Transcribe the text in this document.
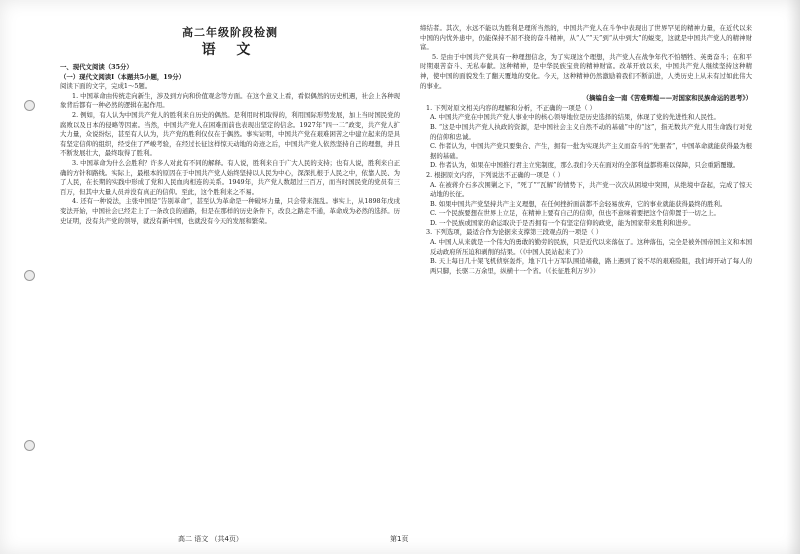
高二年级阶段检测
语 文

一、现代文阅读（35分）

（一）现代文阅读Ⅰ（本题共5小题，19分）

阅读下面的文字，完成1～5题。

1. 中国革命由传统走向新生，涉及到方向和价值观念等方面。在这个意义上看，看似偶然的历史机遇，社会上各种现象背后都有一种必然的逻辑在起作用。

2. 例如，有人认为中国共产党人的胜利来自历史的偶然。是利用时机取得的，利用国际形势发展，加上当时国民党的腐败以及日本的侵略等因素。当然，中国共产党人在困难面前也表现出坚定的信念。1927年“四一二”政变，共产党人扩大力量，众说纷纭，甚至有人认为，共产党的胜利仅仅在于偶然。事实证明，中国共产党在艰难困苦之中建立起来的是具有坚定信仰的组织，经受住了严峻考验，在经过长征这样惊天动地的奇迹之后，中国共产党人依然坚持自己的理想，并且不断发展壮大，最终取得了胜利。

3. 中国革命为什么会胜利？许多人对此有不同的解释。有人说，胜利来自于广大人民的支持；也有人说，胜利来自正确的方针和路线。实际上，最根本的原因在于中国共产党人始终坚持以人民为中心，深深扎根于人民之中，依靠人民、为了人民，在长期的实践中形成了党和人民血肉相连的关系。1949年，共产党人数超过三百万，而当时国民党的党员有三百万，但其中大量人员并没有真正的信仰。至此，这个胜利来之不易。

4. 还有一种说法，主张中国是“告别革命”，甚至认为革命是一种破坏力量，只会带来混乱。事实上，从1898年戊戌变法开始，中国社会已经走上了一条改良的道路，但是在那样的历史条件下，改良之路走不通，革命成为必然的选择。历史证明，没有共产党的领导，就没有新中国，也就没有今天的发展和繁荣。

缔结者。其次，水远不能以为胜利是理所当然的，中国共产党人在斗争中表现出了世界罕见的精神力量，在近代以来中国的内忧外患中，仍能保持不屈不挠的奋斗精神，从“人”“天”到“从中到大”的蜕变，这就是中国共产党人的精神财富。

5. 是由于中国共产党具有一种理想信念，为了实现这个理想，共产党人在战争年代不怕牺牲、英勇奋斗；在和平时期艰苦奋斗、无私奉献。这种精神，是中华民族宝贵的精神财富。改革开放以来，中国共产党人继续坚持这种精神，使中国的面貌发生了翻天覆地的变化。今天，这种精神仍然激励着我们不断前进，人类历史上从未有过如此伟大的事业。

（摘编自金一南《苦难辉煌——对国家和民族命运的思考》）

1. 下列对原文相关内容的理解和分析，不正确的一项是（ ）

A. 中国共产党在中国共产党人事业中的核心领导地位是历史选择的结果，体现了党的先进性和人民性。

B. “这是中国共产党人执政的资源，是中国社会主义自然不动的基础”中的“这”，指无数共产党人用生命践行对党的信仰和忠诚。

C. 作者认为，中国共产党只要集合、产生，拥有一批为实现共产主义而奋斗的“先驱者”，中国革命就能获得最为根据的基础。

D. 作者认为，如果在中国推行君主立宪制度，那么我们今天在面对的全部利益都将难以保障，只会重蹈覆辙。

2. 根据原文内容，下列说法不正确的一项是（ ）

A. 在被蒋介石多次围剿之下，“死了”“瓦解”的情势下，共产党一次次从困境中突围，从绝境中奋起，完成了惊天动地的长征。

B. 如果中国共产党坚持共产主义理想，在任何挫折面前都不会轻易放弃，它的事业就能获得最终的胜利。

C. 一个民族要想在世界上立足，在精神上要有自己的信仰，但也不意味着要把这个信仰置于一切之上。

D. 一个民族或国家的命运取决于是否拥有一个有坚定信仰的政党，能为国家带来胜利和进步。

3. 下列选项，最适合作为论据来支撑第三段观点的一项是（ ）

A. 中国人从来就是一个伟大的勇敢的勤劳的民族，只是近代以来落伍了。这种落伍，完全是被外国帝国主义和本国反动政府所压迫和剥削的结果。（《中国人民站起来了》）

B. 天上每日几十架飞机侦察轰炸，地下几十万军队围追堵截，路上遇到了说不尽的艰难险阻，我们却开动了每人的两只脚，长驱二万余里，纵横十一个省。（《长征胜利万岁》）

高二 语文 （共4页）	第1页
